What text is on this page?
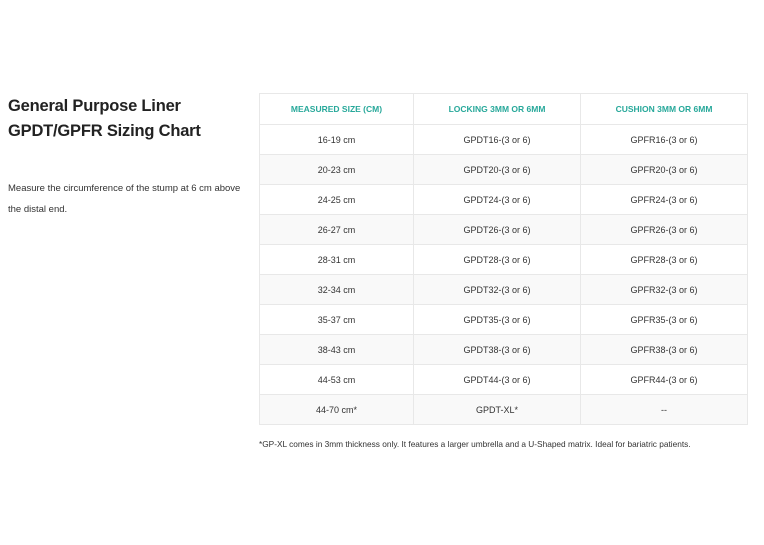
General Purpose Liner
GPDT/GPFR Sizing Chart

Measure the circumference of the stump at 6 cm above the distal end.

MEASURED SIZE (CM)	LOCKING 3MM OR 6MM	CUSHION 3MM OR 6MM
16-19 cm	GPDT16-(3 or 6)	GPFR16-(3 or 6)
20-23 cm	GPDT20-(3 or 6)	GPFR20-(3 or 6)
24-25 cm	GPDT24-(3 or 6)	GPFR24-(3 or 6)
26-27 cm	GPDT26-(3 or 6)	GPFR26-(3 or 6)
28-31 cm	GPDT28-(3 or 6)	GPFR28-(3 or 6)
32-34 cm	GPDT32-(3 or 6)	GPFR32-(3 or 6)
35-37 cm	GPDT35-(3 or 6)	GPFR35-(3 or 6)
38-43 cm	GPDT38-(3 or 6)	GPFR38-(3 or 6)
44-53 cm	GPDT44-(3 or 6)	GPFR44-(3 or 6)
44-70 cm*	GPDT-XL*	--

*GP-XL comes in 3mm thickness only. It features a larger umbrella and a U-Shaped matrix. Ideal for bariatric patients.
